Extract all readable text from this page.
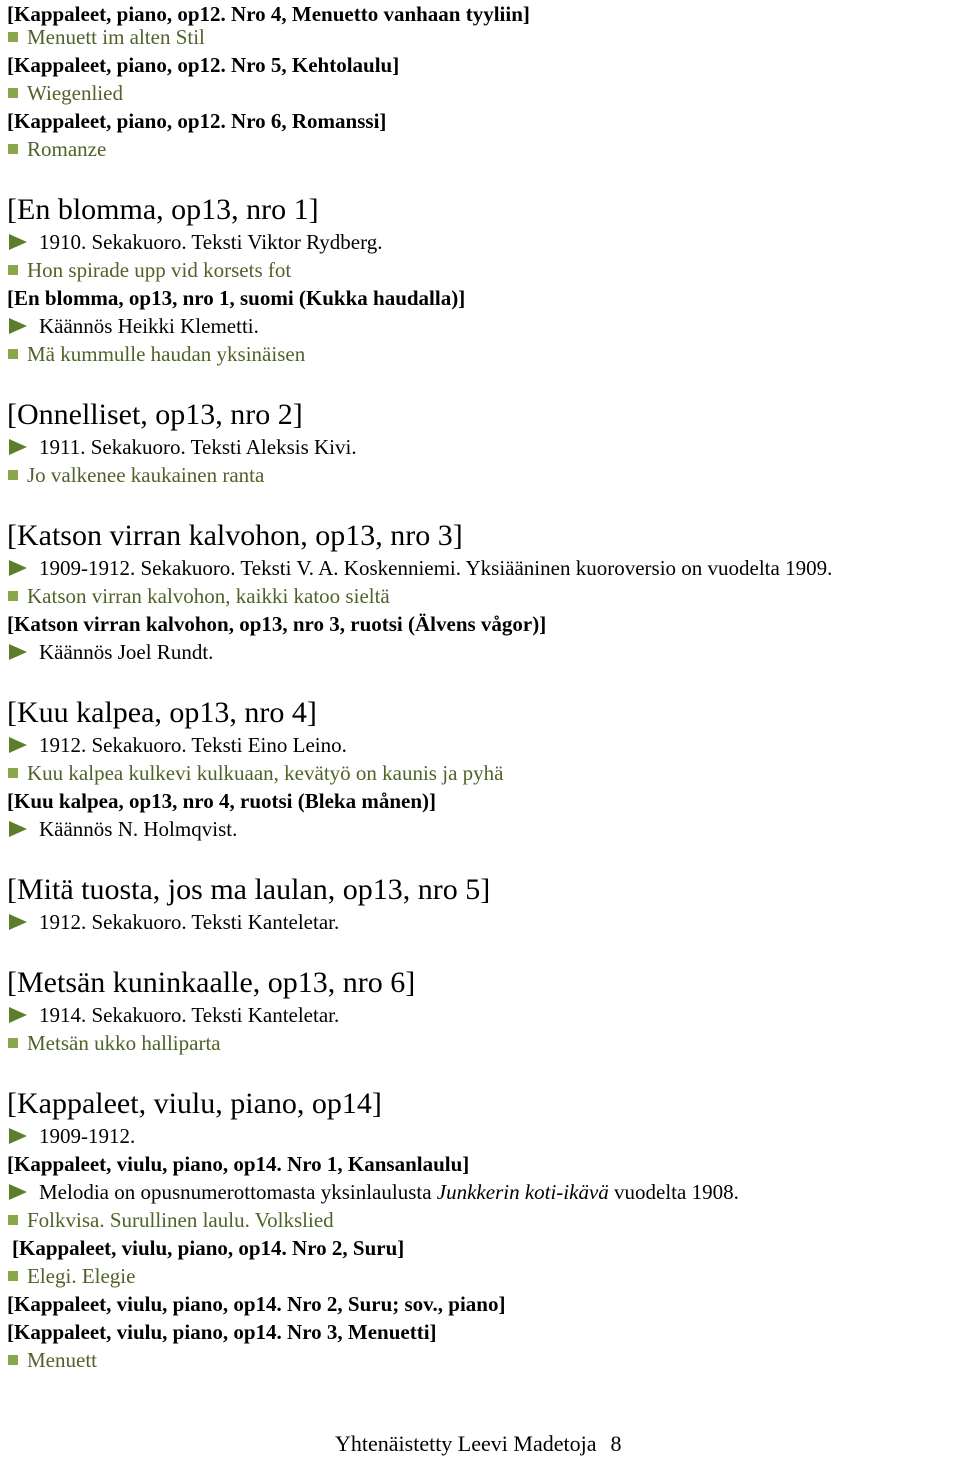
[Kappaleet, piano, op12. Nro 4, Menuetto vanhaan tyyliin]
Menuett im alten Stil
[Kappaleet, piano, op12. Nro 5, Kehtolaulu]
Wiegenlied
[Kappaleet, piano, op12. Nro 6, Romanssi]
Romanze
[En blomma, op13, nro 1]
1910. Sekakuoro. Teksti Viktor Rydberg.
Hon spirade upp vid korsets fot
[En blomma, op13, nro 1, suomi (Kukka haudalla)]
Käännös Heikki Klemetti.
Mä kummulle haudan yksinäisen
[Onnelliset, op13, nro 2]
1911. Sekakuoro. Teksti Aleksis Kivi.
Jo valkenee kaukainen ranta
[Katson virran kalvohon, op13, nro 3]
1909-1912. Sekakuoro. Teksti V. A. Koskenniemi. Yksiääninen kuoroversio on vuodelta 1909.
Katson virran kalvohon, kaikki katoo sieltä
[Katson virran kalvohon, op13, nro 3, ruotsi (Älvens vågor)]
Käännös Joel Rundt.
[Kuu kalpea, op13, nro 4]
1912. Sekakuoro. Teksti Eino Leino.
Kuu kalpea kulkevi kulkuaan, kevätyö on kaunis ja pyhä
[Kuu kalpea, op13, nro 4, ruotsi (Bleka månen)]
Käännös N. Holmqvist.
[Mitä tuosta, jos ma laulan, op13, nro 5]
1912. Sekakuoro. Teksti Kanteletar.
[Metsän kuninkaalle, op13, nro 6]
1914. Sekakuoro. Teksti Kanteletar.
Metsän ukko halliparta
[Kappaleet, viulu, piano, op14]
1909-1912.
[Kappaleet, viulu, piano, op14. Nro 1, Kansanlaulu]
Melodia on opusnumerottomasta yksinlaulusta Junkkerin koti-ikävä vuodelta 1908.
Folkvisa. Surullinen laulu. Volkslied
[Kappaleet, viulu, piano, op14. Nro 2, Suru]
Elegi. Elegie
[Kappaleet, viulu, piano, op14. Nro 2, Suru; sov., piano]
[Kappaleet, viulu, piano, op14. Nro 3, Menuetti]
Menuett
Yhtenäistetty Leevi Madetoja 8
